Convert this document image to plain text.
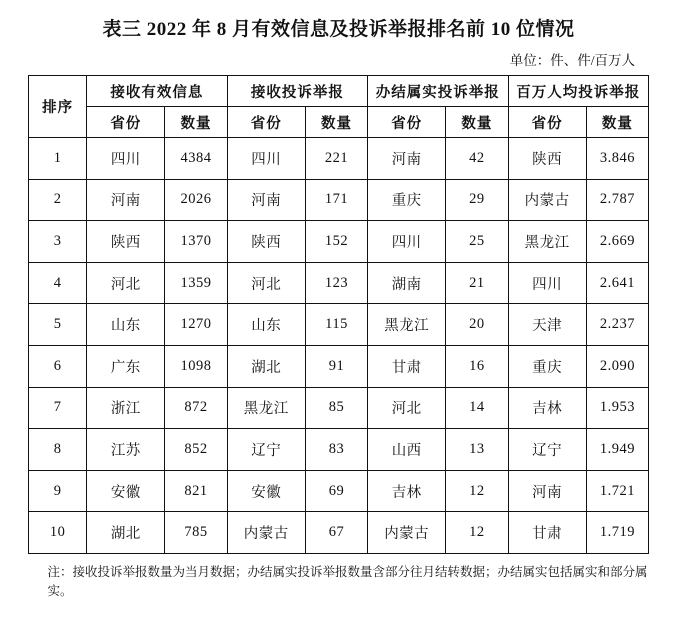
表三 2022 年 8 月有效信息及投诉举报排名前 10 位情况
单位：件、件/百万人
排序	接收有效信息		接收投诉举报		办结属实投诉举报		百万人均投诉举报	
	省份	数量	省份	数量	省份	数量	省份	数量
1	四川	4384	四川	221	河南	42	陕西	3.846
2	河南	2026	河南	171	重庆	29	内蒙古	2.787
3	陕西	1370	陕西	152	四川	25	黑龙江	2.669
4	河北	1359	河北	123	湖南	21	四川	2.641
5	山东	1270	山东	115	黑龙江	20	天津	2.237
6	广东	1098	湖北	91	甘肃	16	重庆	2.090
7	浙江	872	黑龙江	85	河北	14	吉林	1.953
8	江苏	852	辽宁	83	山西	13	辽宁	1.949
9	安徽	821	安徽	69	吉林	12	河南	1.721
10	湖北	785	内蒙古	67	内蒙古	12	甘肃	1.719
注：接收投诉举报数量为当月数据；办结属实投诉举报数量含部分往月结转数据；办结属实包括属实和部分属实。
